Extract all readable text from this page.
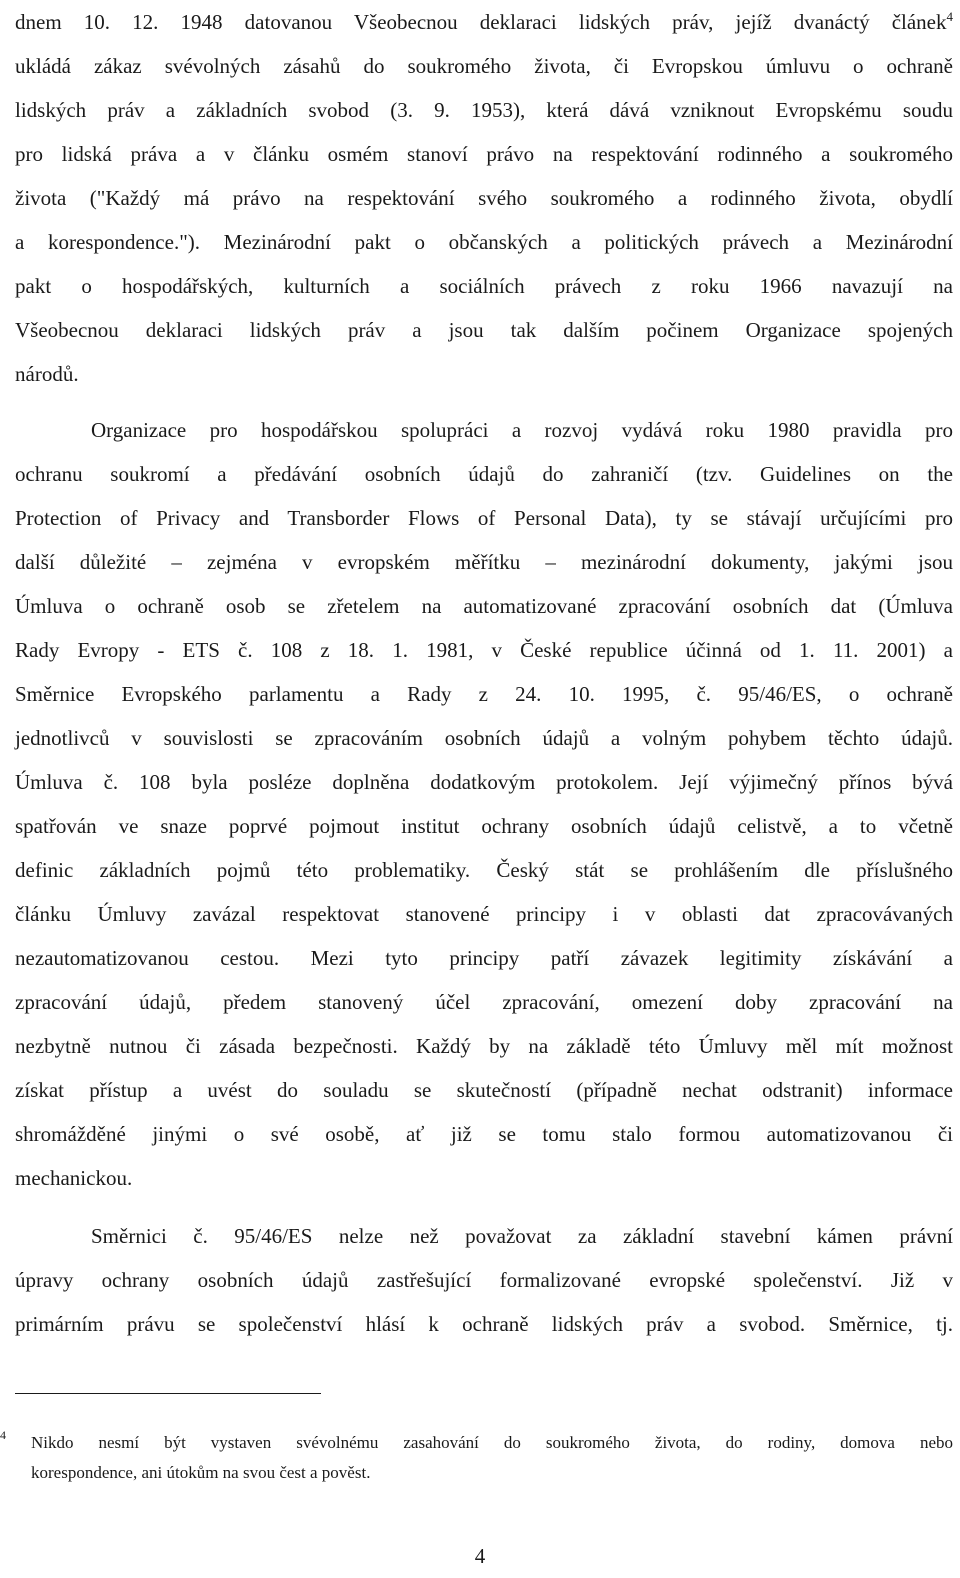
dnem 10. 12. 1948 datovanou Všeobecnou deklaraci lidských práv, jejíž dvanáctý článek$^4$
ukládá zákaz svévolných zásahů do soukromého života, či Evropskou úmluvu o ochraně
lidských práv a základních svobod (3. 9. 1953), která dává vzniknout Evropskému soudu
pro lidská práva a v článku osmém stanoví právo na respektování rodinného a soukromého
života ("Každý má právo na respektování svého soukromého a rodinného života, obydlí
a korespondence."). Mezinárodní pakt o občanských a politických právech a Mezinárodní
pakt o hospodářských, kulturních a sociálních právech z roku 1966 navazují na
Všeobecnou deklaraci lidských práv a jsou tak dalším počinem Organizace spojených
národů.
Organizace pro hospodářskou spolupráci a rozvoj vydává roku 1980 pravidla pro
ochranu soukromí a předávání osobních údajů do zahraničí (tzv. Guidelines on the
Protection of Privacy and Transborder Flows of Personal Data), ty se stávají určujícími pro
další důležité – zejména v evropském měřítku – mezinárodní dokumenty, jakými jsou
Úmluva o ochraně osob se zřetelem na automatizované zpracování osobních dat (Úmluva
Rady Evropy - ETS č. 108 z 18. 1. 1981, v České republice účinná od 1. 11. 2001) a
Směrnice Evropského parlamentu a Rady z 24. 10. 1995, č. 95/46/ES, o ochraně
jednotlivců v souvislosti se zpracováním osobních údajů a volným pohybem těchto údajů.
Úmluva č. 108 byla posléze doplněna dodatkovým protokolem. Její výjimečný přínos bývá
spatřován ve snaze poprvé pojmout institut ochrany osobních údajů celistvě, a to včetně
definic základních pojmů této problematiky. Český stát se prohlášením dle příslušného
článku Úmluvy zavázal respektovat stanovené principy i v oblasti dat zpracovávaných
nezautomatizovanou cestou. Mezi tyto principy patří závazek legitimity získávání a
zpracování údajů, předem stanovený účel zpracování, omezení doby zpracování na
nezbytně nutnou či zásada bezpečnosti. Každý by na základě této Úmluvy měl mít možnost
získat přístup a uvést do souladu se skutečností (případně nechat odstranit) informace
shromážděné jinými o své osobě, ať již se tomu stalo formou automatizovanou či
mechanickou.
Směrnici č. 95/46/ES nelze než považovat za základní stavební kámen právní
úpravy ochrany osobních údajů zastřešující formalizované evropské společenství. Již v
primárním právu se společenství hlásí k ochraně lidských práv a svobod. Směrnice, tj.
4 Nikdo nesmí být vystaven svévolnému zasahování do soukromého života, do rodiny, domova nebo
korespondence, ani útokům na svou čest a pověst.
4
